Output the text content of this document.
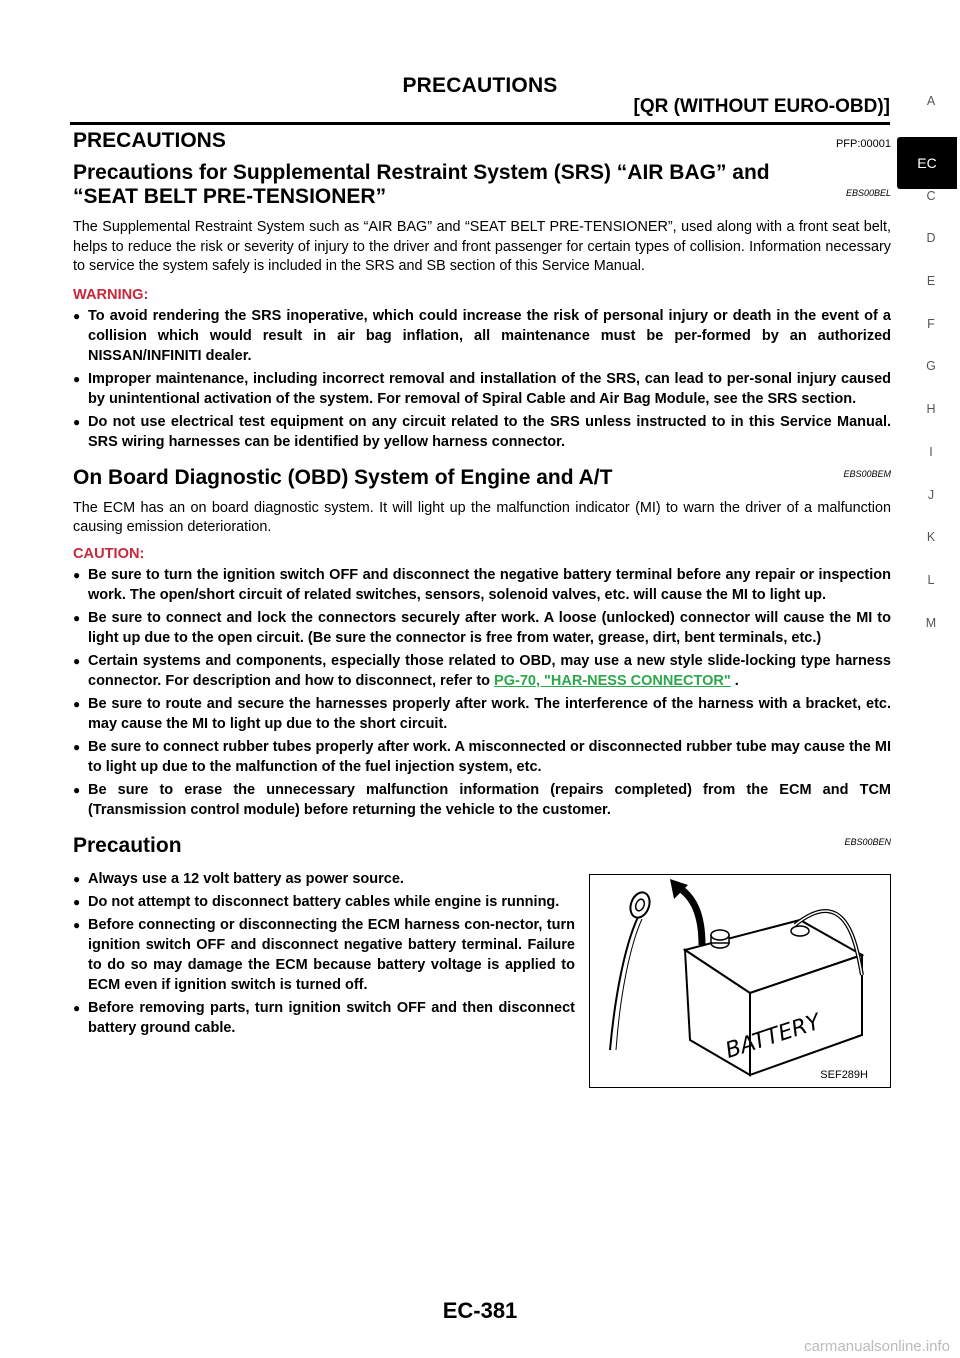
PRECAUTIONS
[QR (WITHOUT EURO-OBD)]
PRECAUTIONS	PFP:00001
Precautions for Supplemental Restraint System (SRS) “AIR BAG” and “SEAT BELT PRE-TENSIONER”	EBS00BEL

The Supplemental Restraint System such as “AIR BAG” and “SEAT BELT PRE-TENSIONER”, used along with a front seat belt, helps to reduce the risk or severity of injury to the driver and front passenger for certain types of collision. Information necessary to service the system safely is included in the SRS and SB section of this Service Manual.

WARNING:
● To avoid rendering the SRS inoperative, which could increase the risk of personal injury or death in the event of a collision which would result in air bag inflation, all maintenance must be per-formed by an authorized NISSAN/INFINITI dealer.
● Improper maintenance, including incorrect removal and installation of the SRS, can lead to per-sonal injury caused by unintentional activation of the system. For removal of Spiral Cable and Air Bag Module, see the SRS section.
● Do not use electrical test equipment on any circuit related to the SRS unless instructed to in this Service Manual. SRS wiring harnesses can be identified by yellow harness connector.
On Board Diagnostic (OBD) System of Engine and A/T	EBS00BEM

The ECM has an on board diagnostic system. It will light up the malfunction indicator (MI) to warn the driver of a malfunction causing emission deterioration.

CAUTION:
● Be sure to turn the ignition switch OFF and disconnect the negative battery terminal before any repair or inspection work. The open/short circuit of related switches, sensors, solenoid valves, etc. will cause the MI to light up.
● Be sure to connect and lock the connectors securely after work. A loose (unlocked) connector will cause the MI to light up due to the open circuit. (Be sure the connector is free from water, grease, dirt, bent terminals, etc.)
● Certain systems and components, especially those related to OBD, may use a new style slide-locking type harness connector. For description and how to disconnect, refer to PG-70, "HAR-NESS CONNECTOR" .
● Be sure to route and secure the harnesses properly after work. The interference of the harness with a bracket, etc. may cause the MI to light up due to the short circuit.
● Be sure to connect rubber tubes properly after work. A misconnected or disconnected rubber tube may cause the MI to light up due to the malfunction of the fuel injection system, etc.
● Be sure to erase the unnecessary malfunction information (repairs completed) from the ECM and TCM (Transmission control module) before returning the vehicle to the customer.
Precaution	EBS00BEN
● Always use a 12 volt battery as power source.
● Do not attempt to disconnect battery cables while engine is running.
● Before connecting or disconnecting the ECM harness con-nector, turn ignition switch OFF and disconnect negative battery terminal. Failure to do so may damage the ECM because battery voltage is applied to ECM even if ignition switch is turned off.
● Before removing parts, turn ignition switch OFF and then disconnect battery ground cable.	BATTERY
SEF289H
A
EC
C
D
E
F
G
H
I
J
K
L
M
EC-381
carmanualsonline.info
